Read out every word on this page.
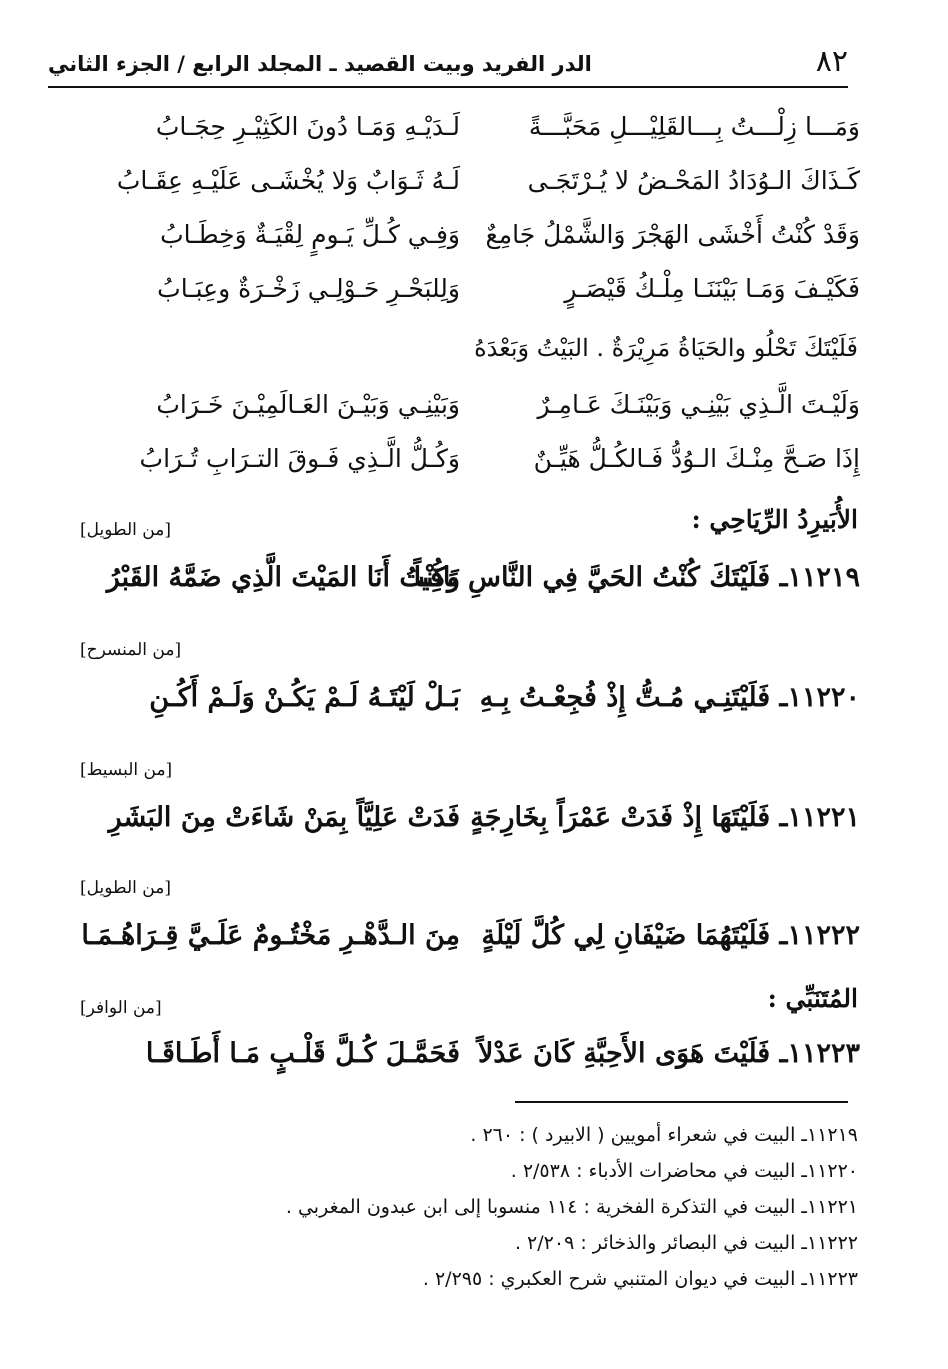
٨٢
الدر الفريد وبيت القصيد ـ المجلد الرابع / الجزء الثاني
وَمَـــا زِلْـــتُ بِـــالقَلِيْـــلِ مَحَبَّـــةً
لَـدَيْـهِ وَمَـا دُونَ الكَثِيْـرِ حِجَـابُ
كَـذَاكَ الـوُدَادُ المَحْـضُ لا يُـرْتَجَـى
لَـهُ ثَـوَابٌ وَلا يُخْشَـى عَلَيْـهِ عِقَـابُ
وَقَدْ كُنْتُ أَخْشَى الهَجْرَ وَالشَّمْلُ جَامِعٌ
وَفِـي كُـلِّ يَـومٍ لِقْيَـةٌ وَخِطَـابُ
فَكَيْـفَ وَمَـا بَيْنَنَـا مِلْـكُ قَيْصَـرٍ
وَلِلبَحْـرِ حَـوْلِـي زَخْـرَةٌ وعِبَـابُ
فَلَيْتَكَ تَحْلُو والحَيَاةُ مَرِيْرَةٌ . البَيْتُ وَبَعْدَهُ
وَلَيْـتَ الَّـذِي بَيْنِـي وَبَيْنَـكَ عَـامِـرٌ
وَبَيْنِـي وَبَيْـنَ العَـالَمِيْـنَ خَـرَابُ
إِذَا صَـحَّ مِنْـكَ الـوُدُّ فَـالكُـلُّ هَيِّـنٌ
وَكُـلُّ الَّـذِي فَـوقَ التـرَابِ تُـرَابُ
الأُبَيرِدُ الرِّيَاحِي :
[من الطويل]
١١٢١٩ـ فَلَيْتَكَ كُنْتُ الحَيَّ فِي النَّاسِ بَاقِياً
وَكُنْتُ أَنَا المَيْتَ الَّذِي ضَمَّهُ القَبْرُ
[من المنسرح]
١١٢٢٠ـ فَلَيْتَنِـي مُـتُّ إِذْ فُجِعْـتُ بِـهِ
بَـلْ لَيْتَـهُ لَـمْ يَكُـنْ وَلَـمْ أَكُـنِ
[من البسيط]
١١٢٢١ـ فَلَيْتَهَا إِذْ فَدَتْ عَمْرَاً بِخَارِجَةٍ
فَدَتْ عَلِيَّاً بِمَنْ شَاءَتْ مِنَ البَشَرِ
[من الطويل]
١١٢٢٢ـ فَلَيْتَهُمَا ضَيْفَانِ لِي كُلَّ لَيْلَةٍ
مِنَ الـدَّهْـرِ مَخْتُـومٌ عَلَـيَّ قِـرَاهُـمَـا
المُتَنَبِّي :
[من الوافر]
١١٢٢٣ـ فَلَيْتَ هَوَى الأَحِبَّةِ كَانَ عَدْلاً
فَحَمَّـلَ كُـلَّ قَلْـبٍ مَـا أَطَـاقَـا
١١٢١٩ـ البيت في شعراء أمويين ( الابيرد ) : ٢٦٠ .
١١٢٢٠ـ البيت في محاضرات الأدباء : ٢/٥٣٨ .
١١٢٢١ـ البيت في التذكرة الفخرية : ١١٤ منسوبا إلى ابن عبدون المغربي .
١١٢٢٢ـ البيت في البصائر والذخائر : ٢/٢٠٩ .
١١٢٢٣ـ البيت في ديوان المتنبي شرح العكبري : ٢/٢٩٥ .
